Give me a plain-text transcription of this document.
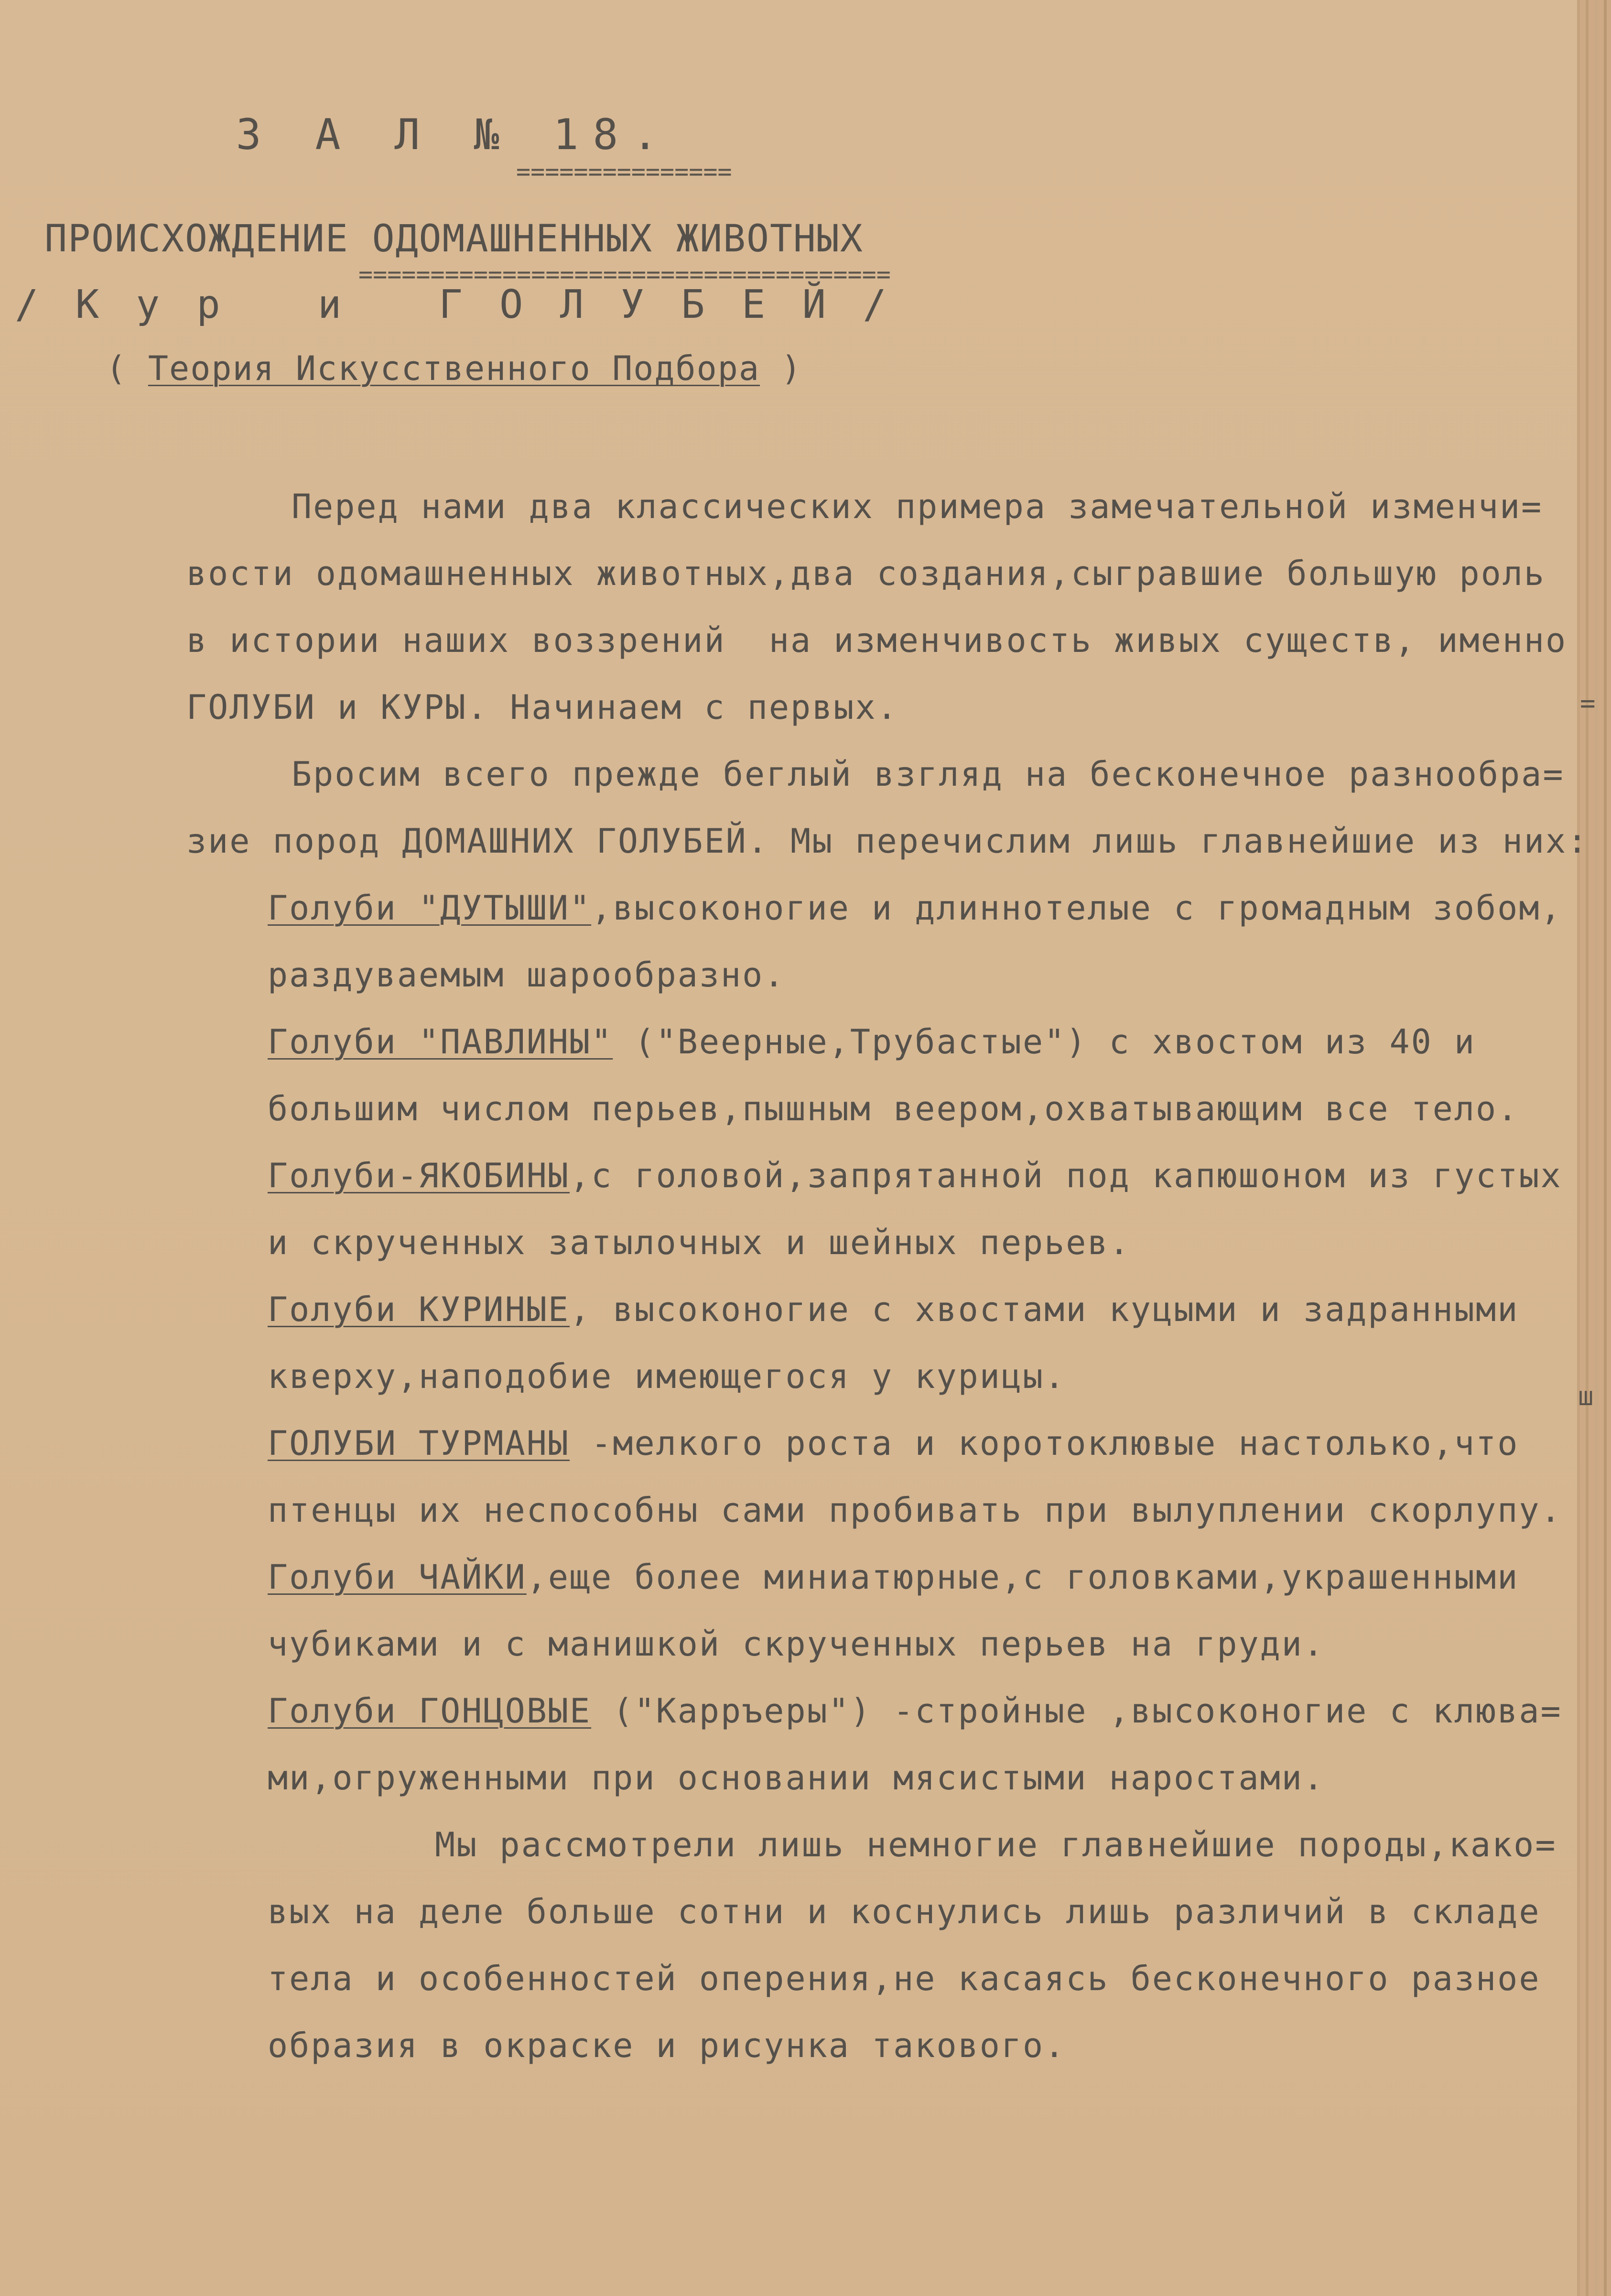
З А Л № 18.
===============
ПРОИСХОЖДЕНИЕ ОДОМАШНЕННЫХ ЖИВОТНЫХ
=====================================
/ К у р   и   Г О Л У Б Е Й /
( Теория Искусственного Подбора )
Перед нами два классических примера замечательной изменчи=
вости одомашненных животных,два создания,сыгравшие большую роль
в истории наших воззрений  на изменчивость живых существ, именно
ГОЛУБИ и КУРЫ. Начинаем с первых.
Бросим всего прежде беглый взгляд на бесконечное разнообра=
зие пород ДОМАШНИХ ГОЛУБЕЙ. Мы перечислим лишь главнейшие из них:
Голуби "ДУТЫШИ",высоконогие и длиннотелые с громадным зобом,
раздуваемым шарообразно.
Голуби "ПАВЛИНЫ" ("Веерные,Трубастые") с хвостом из 40 и
большим числом перьев,пышным веером,охватывающим все тело.
Голуби-ЯКОБИНЫ,с головой,запрятанной под капюшоном из густых
и скрученных затылочных и шейных перьев.
Голуби КУРИНЫЕ, высоконогие с хвостами куцыми и задранными
кверху,наподобие имеющегося у курицы.
ГОЛУБИ ТУРМАНЫ -мелкого роста и коротоклювые настолько,что
птенцы их неспособны сами пробивать при вылуплении скорлупу.
Голуби ЧАЙКИ,еще более миниатюрные,с головками,украшенными
чубиками и с манишкой скрученных перьев на груди.
Голуби ГОНЦОВЫЕ ("Карръеры") -стройные ,высоконогие с клюва=
ми,огруженными при основании мясистыми наростами.
Мы рассмотрели лишь немногие главнейшие породы,како=
вых на деле больше сотни и коснулись лишь различий в складе
тела и особенностей оперения,не касаясь бесконечного разное
образия в окраске и рисунка такового.
=
ш
